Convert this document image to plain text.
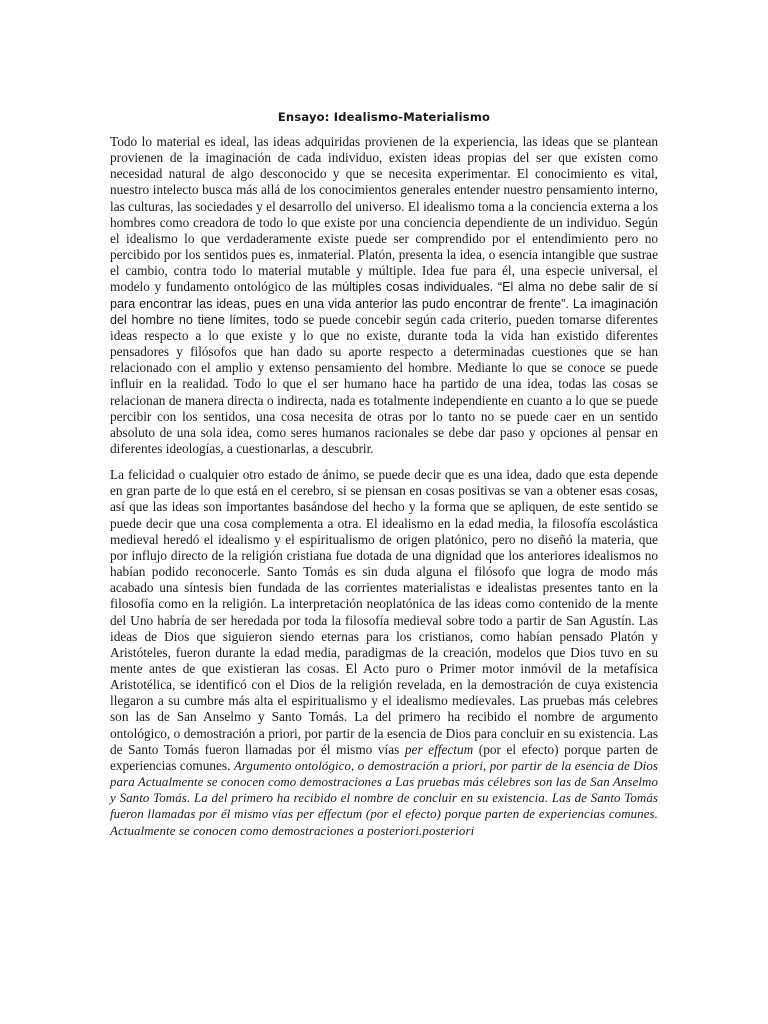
Ensayo: Idealismo-Materialismo

Todo lo material es ideal, las ideas adquiridas provienen de la experiencia, las ideas que se plantean provienen de la imaginación de cada individuo, existen ideas propias del ser que existen como necesidad natural de algo desconocido y que se necesita experimentar. El conocimiento es vital, nuestro intelecto busca más allá de los conocimientos generales entender nuestro pensamiento interno, las culturas, las sociedades y el desarrollo del universo. El idealismo toma a la conciencia externa a los hombres como creadora de todo lo que existe por una conciencia dependiente de un individuo. Según el idealismo lo que verdaderamente existe puede ser comprendido por el entendimiento pero no percibido por los sentidos pues es, inmaterial. Platón, presenta la idea, o esencia intangible que sustrae el cambio, contra todo lo material mutable y múltiple. Idea fue para él, una especie universal, el modelo y fundamento ontológico de las múltiples cosas individuales. “El alma no debe salir de sí para encontrar las ideas, pues en una vida anterior las pudo encontrar de frente”. La imaginación del hombre no tiene límites, todo se puede concebir según cada criterio, pueden tomarse diferentes ideas respecto a lo que existe y lo que no existe, durante toda la vida han existido diferentes pensadores y filósofos que han dado su aporte respecto a determinadas cuestiones que se han relacionado con el amplio y extenso pensamiento del hombre. Mediante lo que se conoce se puede influir en la realidad. Todo lo que el ser humano hace ha partido de una idea, todas las cosas se relacionan de manera directa o indirecta, nada es totalmente independiente en cuanto a lo que se puede percibir con los sentidos, una cosa necesita de otras por lo tanto no se puede caer en un sentido absoluto de una sola idea, como seres humanos racionales se debe dar paso y opciones al pensar en diferentes ideologías, a cuestionarlas, a descubrir.

La felicidad o cualquier otro estado de ánimo, se puede decir que es una idea, dado que esta depende en gran parte de lo que está en el cerebro, si se piensan en cosas positivas se van a obtener esas cosas, así que las ideas son importantes basándose del hecho y la forma que se apliquen, de este sentido se puede decir que una cosa complementa a otra. El idealismo en la edad media, la filosofía escolástica medieval heredó el idealismo y el espiritualismo de origen platónico, pero no diseñó la materia, que por influjo directo de la religión cristiana fue dotada de una dignidad que los anteriores idealismos no habían podido reconocerle. Santo Tomás es sin duda alguna el filósofo que logra de modo más acabado una síntesis bien fundada de las corrientes materialistas e idealistas presentes tanto en la filosofía como en la religión. La interpretación neoplatónica de las ideas como contenido de la mente del Uno habría de ser heredada por toda la filosofía medieval sobre todo a partir de San Agustín. Las ideas de Dios que siguieron siendo eternas para los cristianos, como habían pensado Platón y Aristóteles, fueron durante la edad media, paradigmas de la creación, modelos que Dios tuvo en su mente antes de que existieran las cosas. El Acto puro o Primer motor inmóvil de la metafísica Aristotélica, se identificó con el Dios de la religión revelada, en la demostración de cuya existencia llegaron a su cumbre más alta el espiritualismo y el idealismo medievales. Las pruebas más celebres son las de San Anselmo y Santo Tomás. La del primero ha recibido el nombre de argumento ontológico, o demostración a priori, por partir de la esencia de Dios para concluir en su existencia. Las de Santo Tomás fueron llamadas por él mismo vías per effectum (por el efecto) porque parten de experiencias comunes. Argumento ontológico, o demostración a priori, por partir de la esencia de Dios para Actualmente se conocen como demostraciones a Las pruebas más célebres son las de San Anselmo y Santo Tomás. La del primero ha recibido el nombre de concluir en su existencia. Las de Santo Tomás fueron llamadas por él mismo vías per effectum (por el efecto) porque parten de experiencias comunes. Actualmente se conocen como demostraciones a posteriori.posteriori
